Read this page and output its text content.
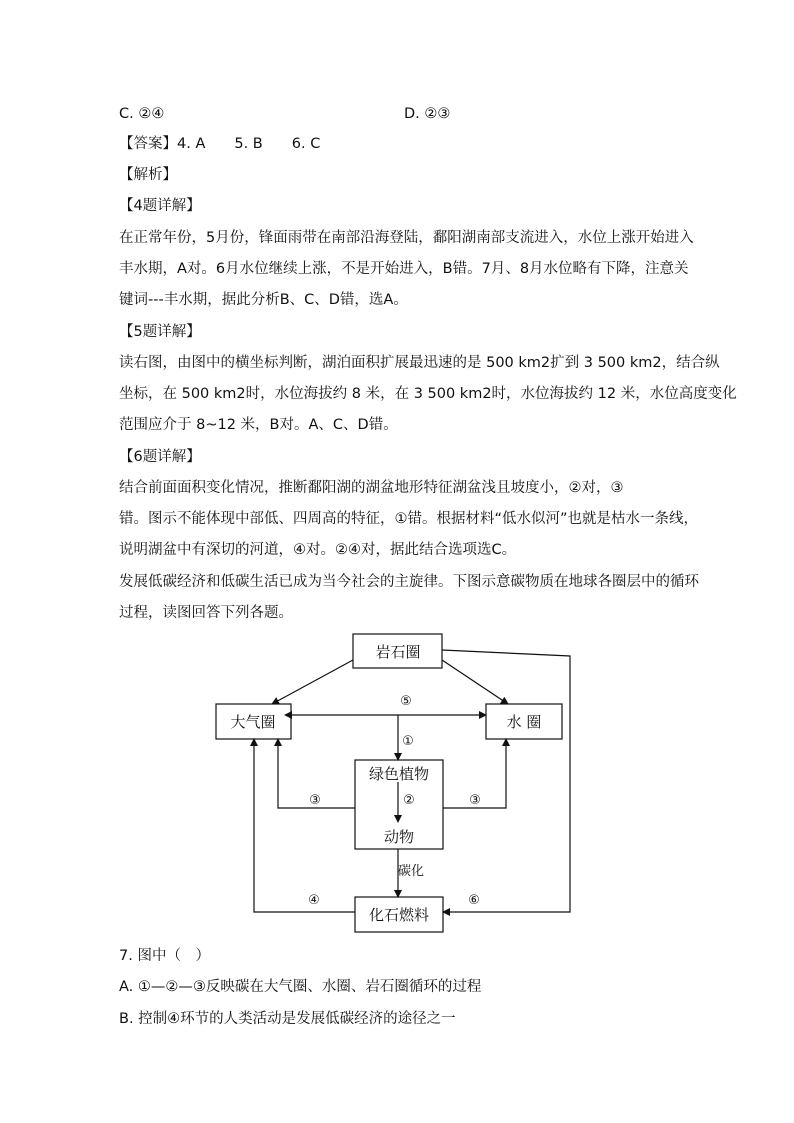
C. ②④	D. ②③
【答案】4. A　　5. B　　6. C
【解析】
【4题详解】
在正常年份，5月份，锋面雨带在南部沿海登陆，鄱阳湖南部支流进入，水位上涨开始进入
丰水期，A对。6月水位继续上涨，不是开始进入，B错。7月、8月水位略有下降，注意关
键词---丰水期，据此分析B、C、D错，选A。
【5题详解】
读右图，由图中的横坐标判断，湖泊面积扩展最迅速的是 500 km2扩到 3 500 km2，结合纵
坐标，在 500 km2时，水位海拔约 8 米，在 3 500 km2时，水位海拔约 12 米，水位高度变化
范围应介于 8~12 米，B对。A、C、D错。
【6题详解】
结合前面面积变化情况，推断鄱阳湖的湖盆地形特征湖盆浅且坡度小，②对，③
错。图示不能体现中部低、四周高的特征，①错。根据材料“低水似河”也就是枯水一条线，
说明湖盆中有深切的河道，④对。②④对，据此结合选项选C。
发展低碳经济和低碳生活已成为当今社会的主旋律。下图示意碳物质在地球各圈层中的循环
过程，读图回答下列各题。
岩石圈
大气圈	水 圈
绿色植物
动物
化石燃料
碳化
⑤
①
②
③	③
④	⑥
7. 图中（　）
A. ①—②—③反映碳在大气圈、水圈、岩石圈循环的过程
B. 控制④环节的人类活动是发展低碳经济的途径之一
